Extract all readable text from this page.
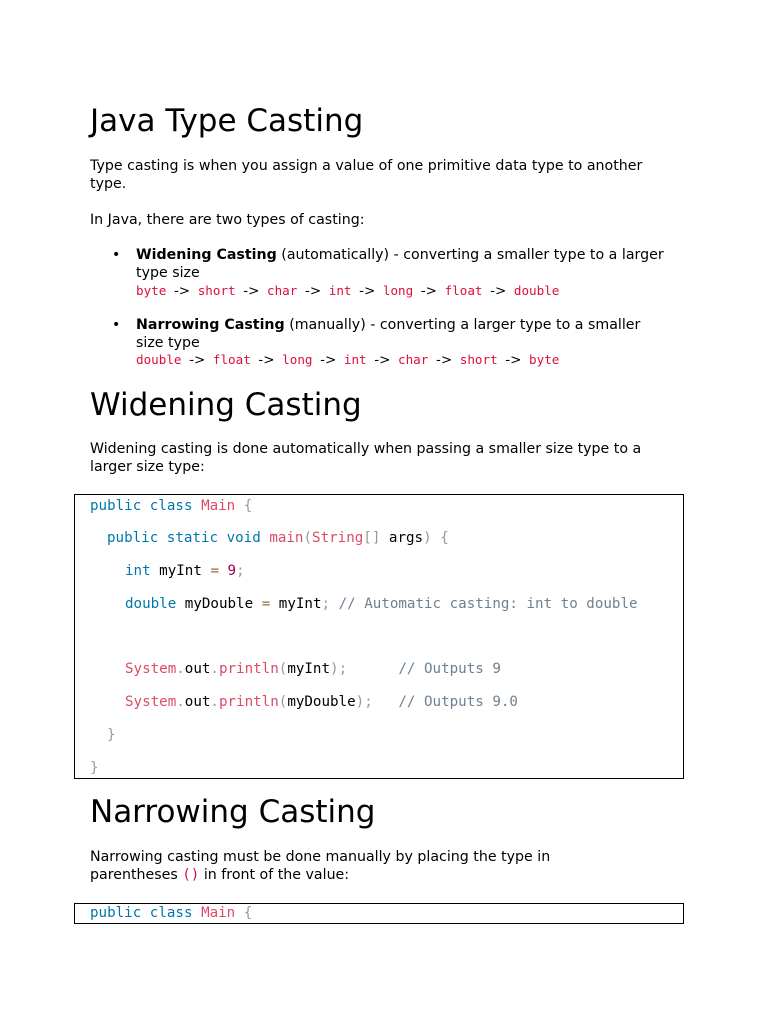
Java Type Casting

Type casting is when you assign a value of one primitive data type to another
type.

In Java, there are two types of casting:

• Widening Casting (automatically) - converting a smaller type to a larger
type size
byte -> short -> char -> int -> long -> float -> double
• Narrowing Casting (manually) - converting a larger type to a smaller
size type
double -> float -> long -> int -> char -> short -> byte
Widening Casting

Widening casting is done automatically when passing a smaller size type to a
larger size type:

public class Main {
public static void main(String[] args) {
int myInt = 9;
double myDouble = myInt; // Automatic casting: int to double
System.out.println(myInt);	// Outputs 9
System.out.println(myDouble); // Outputs 9.0
}
}
Narrowing Casting

Narrowing casting must be done manually by placing the type in
parentheses () in front of the value:

public class Main {
